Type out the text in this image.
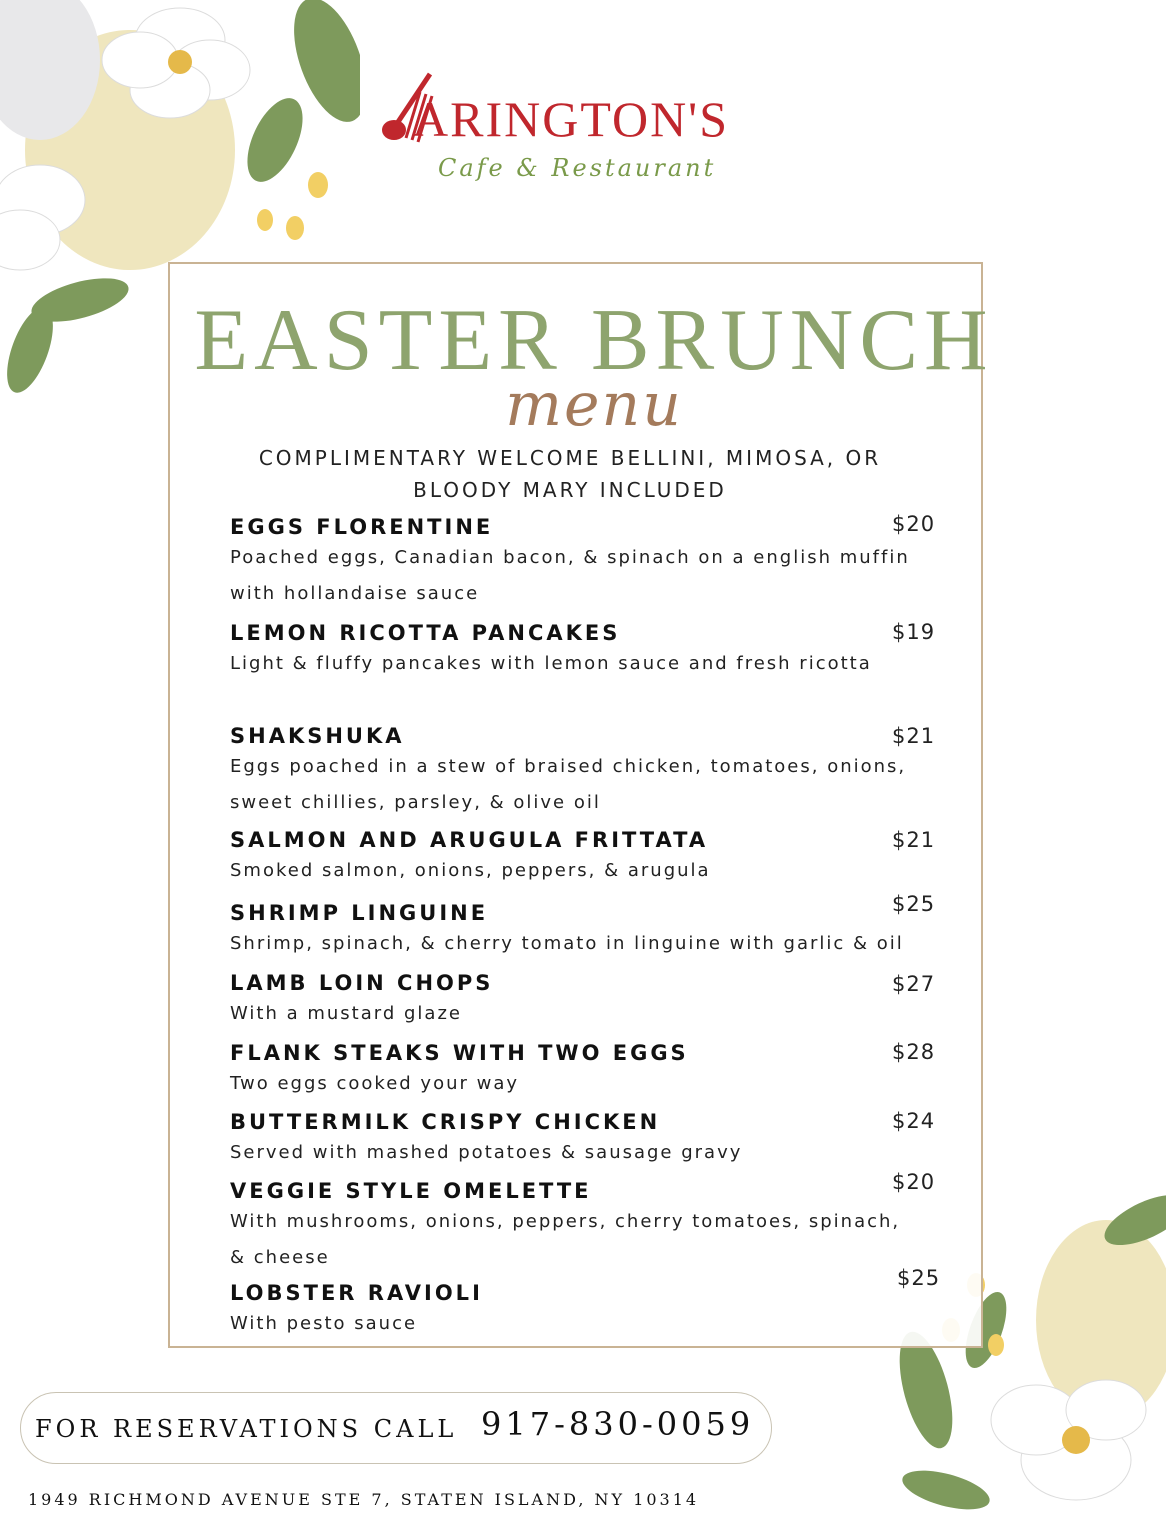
ARINGTON'S
Cafe & Restaurant
EASTER BRUNCH
menu
COMPLIMENTARY WELCOME BELLINI, MIMOSA, OR
BLOODY MARY INCLUDED
EGGS FLORENTINE
Poached eggs, Canadian bacon, & spinach on a english muffin with hollandaise sauce
$20
LEMON RICOTTA PANCAKES
Light & fluffy pancakes with lemon sauce and fresh ricotta
$19
SHAKSHUKA
Eggs poached in a stew of braised chicken, tomatoes, onions, sweet chillies, parsley, & olive oil
$21
SALMON AND ARUGULA FRITTATA
Smoked salmon, onions, peppers, & arugula
$21
SHRIMP LINGUINE
Shrimp, spinach, & cherry tomato in linguine with garlic & oil
$25
LAMB LOIN CHOPS
With a mustard glaze
$27
FLANK STEAKS WITH TWO EGGS
Two eggs cooked your way
$28
BUTTERMILK CRISPY CHICKEN
Served with mashed potatoes & sausage gravy
$24
VEGGIE STYLE OMELETTE
With mushrooms, onions, peppers, cherry tomatoes, spinach, & cheese
$20
LOBSTER RAVIOLI
With pesto sauce
$25
FOR RESERVATIONS CALL 917-830-0059
1949 RICHMOND AVENUE STE 7, STATEN ISLAND, NY 10314
